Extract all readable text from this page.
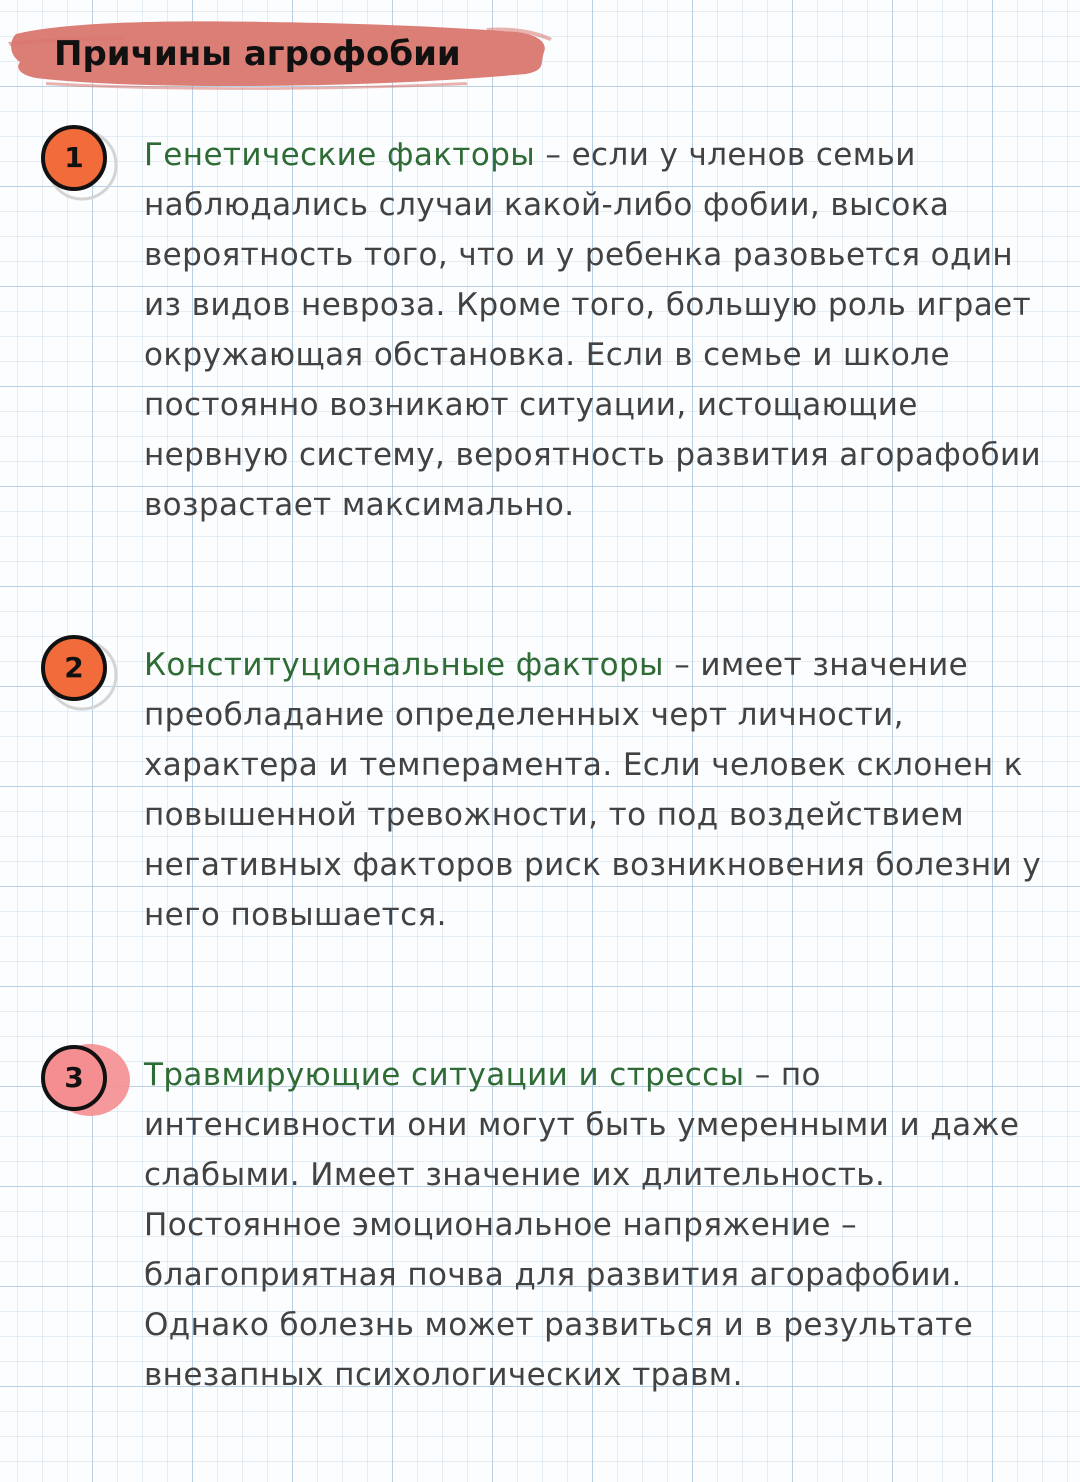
Причины агрофобии
1	Генетические факторы – если у членов семьи наблюдались случаи какой-либо фобии, высока вероятность того, что и у ребенка разовьется один из видов невроза. Кроме того, большую роль играет окружающая обстановка. Если в семье и школе постоянно возникают ситуации, истощающие нервную систему, вероятность развития агорафобии возрастает максимально.

2	Конституциональные факторы – имеет значение преобладание определенных черт личности, характера и темперамента. Если человек склонен к повышенной тревожности, то под воздействием негативных факторов риск возникновения болезни у него повышается.

3	Травмирующие ситуации и стрессы – по интенсивности они могут быть умеренными и даже слабыми. Имеет значение их длительность. Постоянное эмоциональное напряжение – благоприятная почва для развития агорафобии. Однако болезнь может развиться и в результате внезапных психологических травм.
